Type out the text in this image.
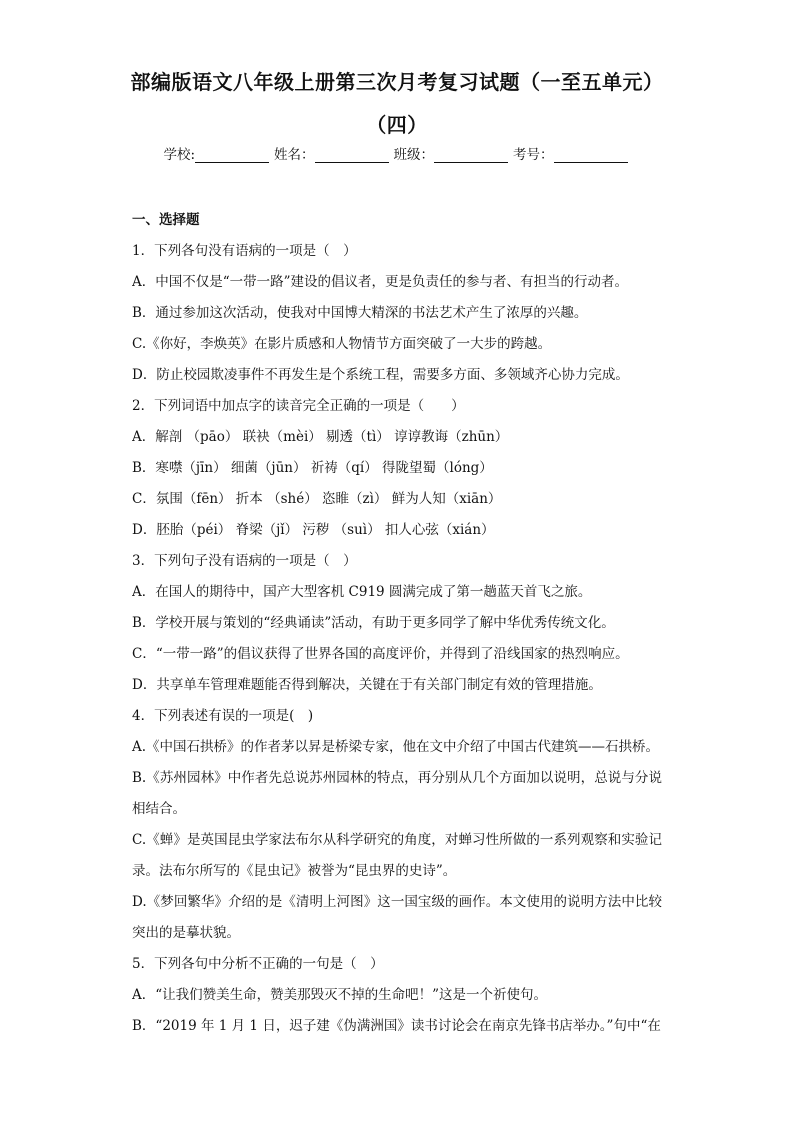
部编版语文八年级上册第三次月考复习试题（一至五单元）
（四）
学校:	姓名：	班级：	考号：
一、选择题
1．下列各句没有语病的一项是（　）
A．中国不仅是“一带一路”建设的倡议者，更是负责任的参与者、有担当的行动者。
B．通过参加这次活动，使我对中国博大精深的书法艺术产生了浓厚的兴趣。
C.《你好，李焕英》在影片质感和人物情节方面突破了一大步的跨越。
D．防止校园欺凌事件不再发生是个系统工程，需要多方面、多领域齐心协力完成。
2．下列词语中加点字的读音完全正确的一项是（　　）
A．解剖 （pāo） 联袂（mèi） 剔透（tì） 谆谆教诲（zhūn）
B．寒噤（jīn） 细菌（jūn） 祈祷（qí） 得陇望蜀（lóng）
C．氛围（fēn） 折本 （shé） 恣睢（zì） 鲜为人知（xiān）
D．胚胎（péi） 脊梁（jǐ） 污秽 （suì） 扣人心弦（xián）
3．下列句子没有语病的一项是（　）
A．在国人的期待中，国产大型客机 C919 圆满完成了第一趟蓝天首飞之旅。
B．学校开展与策划的“经典诵读”活动，有助于更多同学了解中华优秀传统文化。
C．“一带一路”的倡议获得了世界各国的高度评价，并得到了沿线国家的热烈响应。
D．共享单车管理难题能否得到解决，关键在于有关部门制定有效的管理措施。
4．下列表述有误的一项是(　)
A.《中国石拱桥》的作者茅以昇是桥梁专家，他在文中介绍了中国古代建筑——石拱桥。
B.《苏州园林》中作者先总说苏州园林的特点，再分别从几个方面加以说明，总说与分说相结合。
C.《蝉》是英国昆虫学家法布尔从科学研究的角度，对蝉习性所做的一系列观察和实验记录。法布尔所写的《昆虫记》被誉为“昆虫界的史诗”。
D.《梦回繁华》介绍的是《清明上河图》这一国宝级的画作。本文使用的说明方法中比较突出的是摹状貌。
5．下列各句中分析不正确的一句是（　）
A．“让我们赞美生命，赞美那毁灭不掉的生命吧！”这是一个祈使句。
B．“2019 年 1 月 1 日，迟子建《伪满洲国》读书讨论会在南京先锋书店举办。”句中“在
